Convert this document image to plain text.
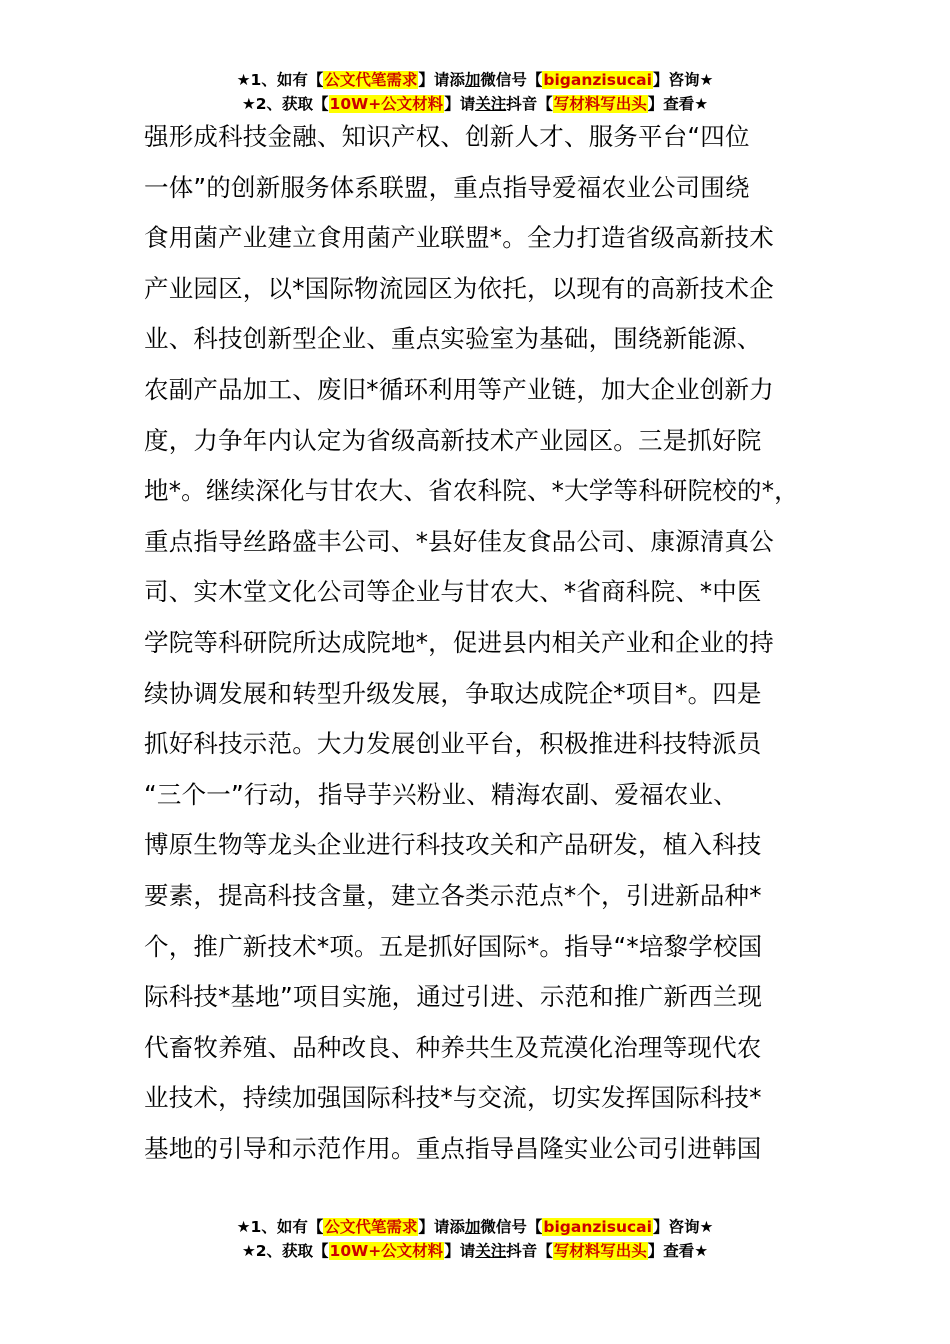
★1、如有【公文代笔需求】请添加微信号【biganzisucai】咨询★
★2、获取【10W+公文材料】请关注抖音【写材料写出头】查看★
强形成科技金融、知识产权、创新人才、服务平台“四位
一体”的创新服务体系联盟，重点指导爱福农业公司围绕
食用菌产业建立食用菌产业联盟*。全力打造省级高新技术
产业园区，以*国际物流园区为依托，以现有的高新技术企
业、科技创新型企业、重点实验室为基础，围绕新能源、
农副产品加工、废旧*循环利用等产业链，加大企业创新力
度，力争年内认定为省级高新技术产业园区。三是抓好院
地*。继续深化与甘农大、省农科院、*大学等科研院校的*，
重点指导丝路盛丰公司、*县好佳友食品公司、康源清真公
司、实木堂文化公司等企业与甘农大、*省商科院、*中医
学院等科研院所达成院地*，促进县内相关产业和企业的持
续协调发展和转型升级发展，争取达成院企*项目*。四是
抓好科技示范。大力发展创业平台，积极推进科技特派员
“三个一”行动，指导芋兴粉业、精海农副、爱福农业、
博原生物等龙头企业进行科技攻关和产品研发，植入科技
要素，提高科技含量，建立各类示范点*个，引进新品种*
个，推广新技术*项。五是抓好国际*。指导“*培黎学校国
际科技*基地”项目实施，通过引进、示范和推广新西兰现
代畜牧养殖、品种改良、种养共生及荒漠化治理等现代农
业技术，持续加强国际科技*与交流，切实发挥国际科技*
基地的引导和示范作用。重点指导昌隆实业公司引进韩国
★1、如有【公文代笔需求】请添加微信号【biganzisucai】咨询★
★2、获取【10W+公文材料】请关注抖音【写材料写出头】查看★
